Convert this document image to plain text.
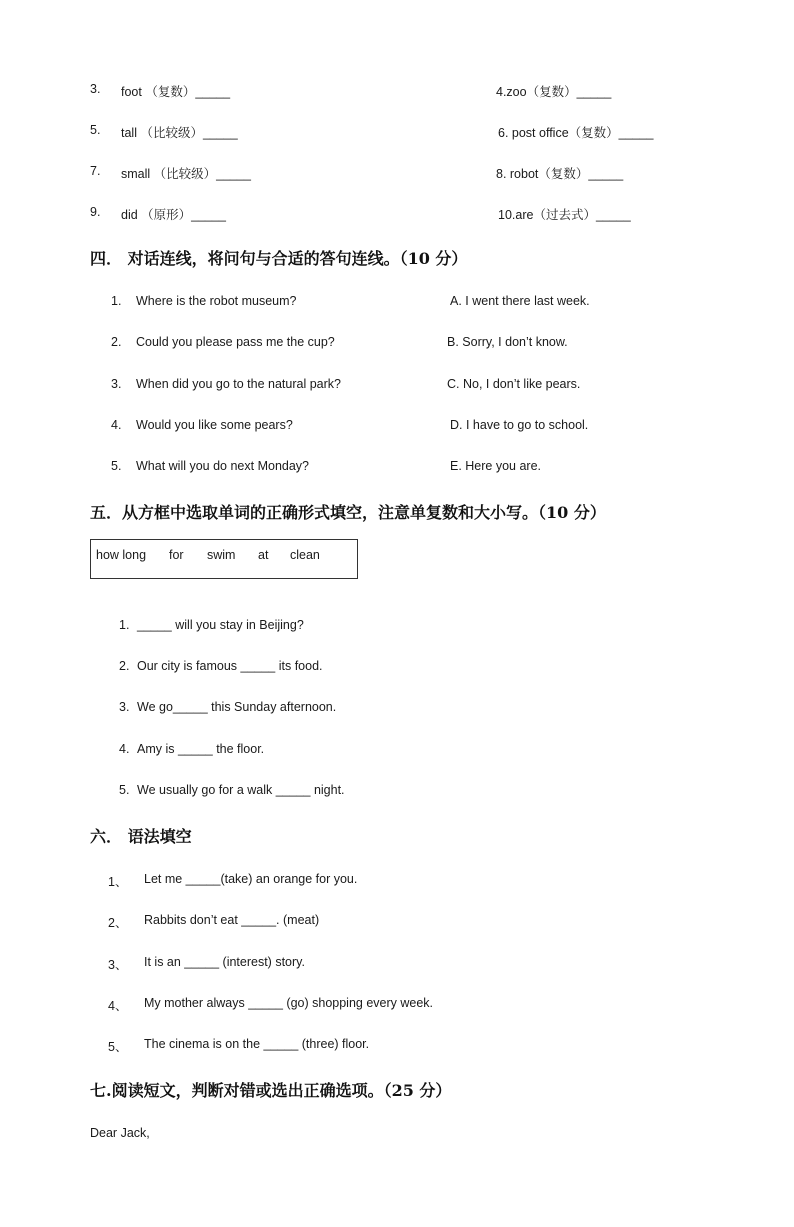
3. foot （复数）_____	4.zoo（复数）_____
5. tall （比较级）_____	6. post office（复数）_____
7. small （比较级）_____	8. robot（复数）_____
9. did （原形）_____	10.are（过去式）_____
四． 对话连线，将问句与合适的答句连线。（10 分）
1. Where is the robot museum?	A. I went there last week.
2. Could you please pass me the cup?	B. Sorry, I don’t know.
3. When did you go to the natural park?	C. No, I don’t like pears.
4. Would you like some pears?	D. I have to go to school.
5. What will you do next Monday?	E. Here you are.
五．从方框中选取单词的正确形式填空，注意单复数和大小写。（10 分）
how long for swim at clean
1. _____ will you stay in Beijing?
2. Our city is famous _____ its food.
3. We go_____ this Sunday afternoon.
4. Amy is _____ the floor.
5. We usually go for a walk _____ night.
六． 语法填空
1、 Let me _____(take) an orange for you.
2、 Rabbits don’t eat _____. (meat)
3、 It is an _____ (interest) story.
4、 My mother always _____ (go) shopping every week.
5、 The cinema is on the _____ (three) floor.
七.阅读短文，判断对错或选出正确选项。（25 分）
Dear Jack,
